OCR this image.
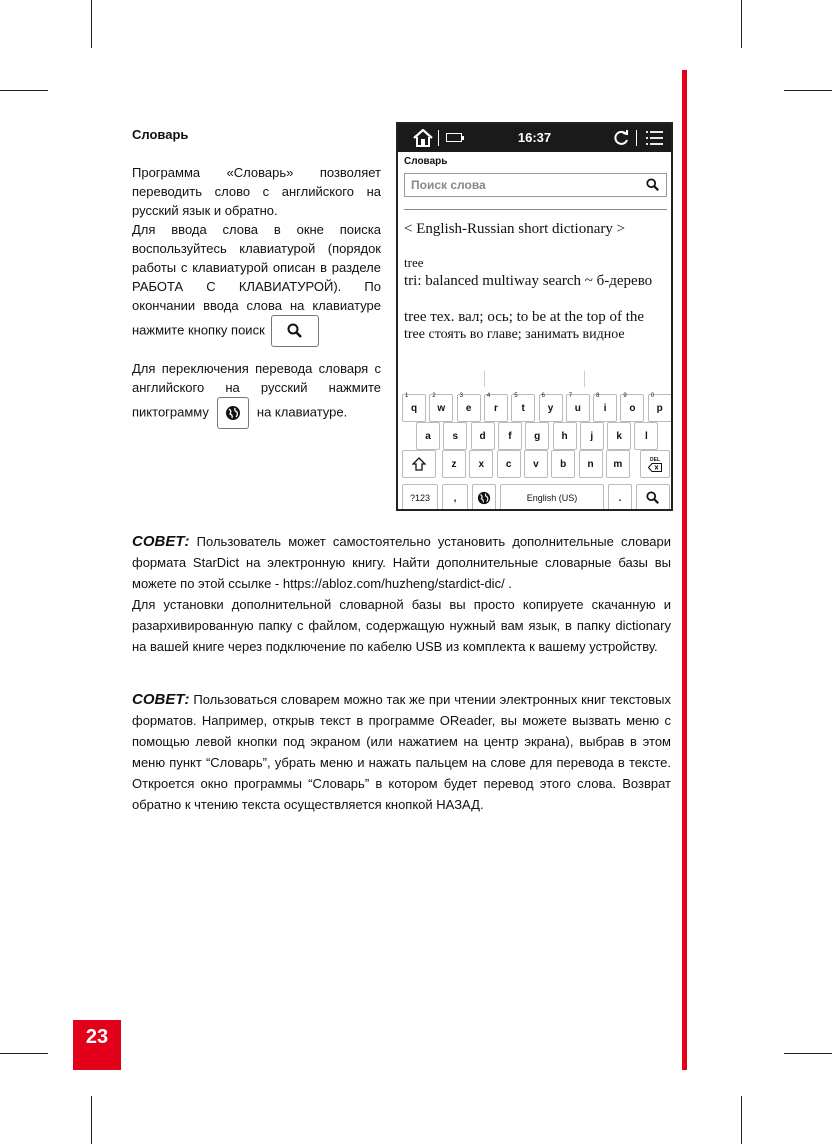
23
Словарь

Программа «Словарь» позволяет переводить слово с английского на русский язык и обратно.

Для ввода слова в окне поиска воспользуйтесь клавиатурой (порядок работы с клавиатурой описан в разделе РАБОТА С КЛАВИАТУРОЙ). По окончании ввода слова на клавиатуре нажмите кнопку поиск

Для переключения перевода словаря с английского на русский нажмите пиктограмму	на клавиатуре.

16:37
Словарь
Поиск слова
< English-Russian short dictionary >
tree
tri: balanced multiway search ~ б-дерево
tree тех. вал; ось; to be at the top of the
tree стоять во главе; занимать видное
DEL
?123	,	English (US)	.
1
q
2
w
3
e
4
r
5
t
6
y
7
u
8
i
9
o
0
p
a s d f g h j k l
z x c v b n m

СОВЕТ: Пользователь может самостоятельно установить дополнительные словари формата StarDict на электронную книгу. Найти дополнительные словарные базы вы можете по этой ссылке - https://abloz.com/huzheng/stardict-dic/ .

Для установки дополнительной словарной базы вы просто копируете скачанную и разархивированную папку с файлом, содержащую нужный вам язык, в папку dictionary на вашей книге через подключение по кабелю USB из комплекта к вашему устройству.

СОВЕТ: Пользоваться словарем можно так же при чтении электронных книг текстовых форматов. Например, открыв текст в программе OReader, вы можете вызвать меню с помощью левой кнопки под экраном (или нажатием на центр экрана), выбрав в этом меню пункт “Словарь”, убрать меню и нажать пальцем на слове для перевода в тексте. Откроется окно программы “Словарь” в котором будет перевод этого слова. Возврат обратно к чтению текста осуществляется кнопкой НАЗАД.
